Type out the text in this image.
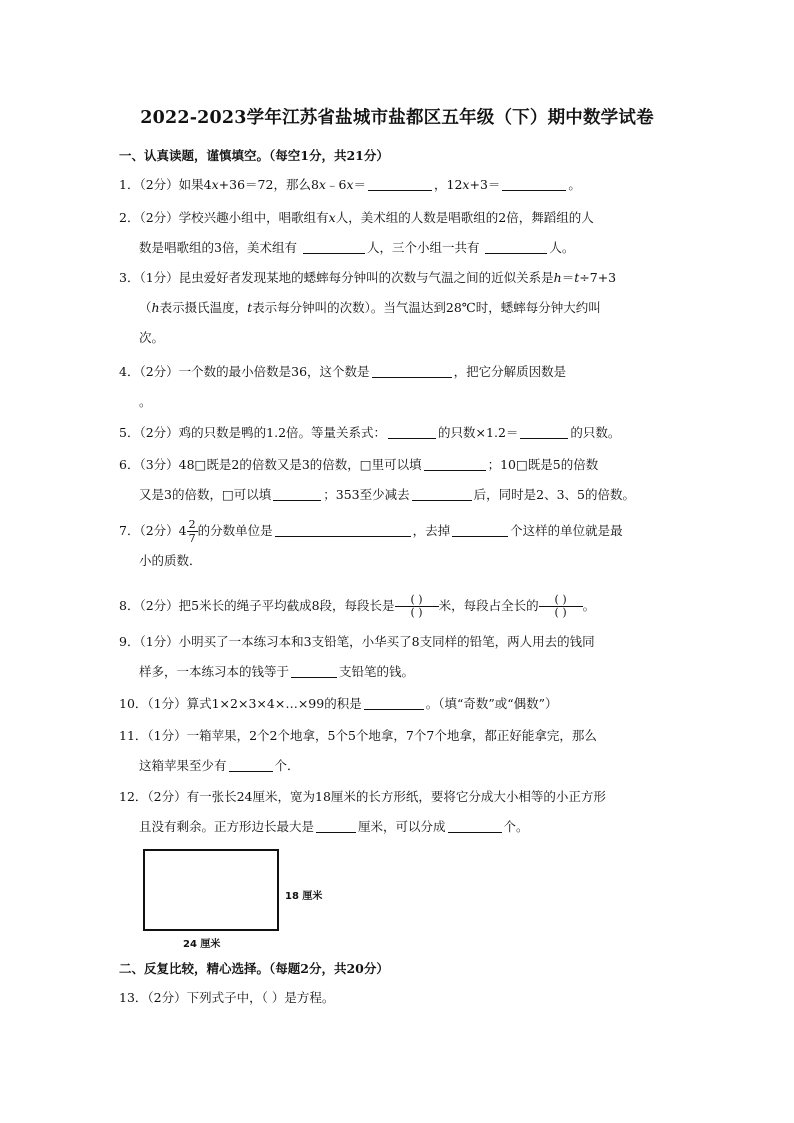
2022-2023学年江苏省盐城市盐都区五年级（下）期中数学试卷
一、认真读题，谨慎填空。（每空1分，共21分）
1．（2分）如果4x+36＝72，那么8x﹣6x＝	，12x+3＝	。
2．（2分）学校兴趣小组中，唱歌组有x人，美术组的人数是唱歌组的2倍，舞蹈组的人
数是唱歌组的3倍，美术组有	人，三个小组一共有	人。
3．（1分）昆虫爱好者发现某地的蟋蟀每分钟叫的次数与气温之间的近似关系是h＝t÷7+3
（h表示摄氏温度，t表示每分钟叫的次数）。当气温达到28℃时，蟋蟀每分钟大约叫
次。
4．（2分）一个数的最小倍数是36，这个数是	，把它分解质因数是
。
5．（2分）鸡的只数是鸭的1.2倍。等量关系式：	的只数×1.2＝	的只数。
6．（3分）48□既是2的倍数又是3的倍数，□里可以填	；10□既是5的倍数
又是3的倍数，□可以填	；353至少减去	后，同时是2、3、5的倍数。
7．（2分）$4 \frac{2}{7}$ 的分数单位是	，去掉	个这样的单位就是最
小的质数．
8．（2分）把5米长的绳子平均截成8段，每段长是 $\frac{( )}{( )}$ 米，每段占全长的 $\frac{( )}{( )}$ 。
9．（1分）小明买了一本练习本和3支铅笔，小华买了8支同样的铅笔，两人用去的钱同
样多，一本练习本的钱等于	支铅笔的钱。
10．（1分）算式1×2×3×4×…×99的积是	。（填“奇数”或“偶数”）
11．（1分）一箱苹果，2个2个地拿，5个5个地拿，7个7个地拿，都正好能拿完，那么
这箱苹果至少有	个．
12．（2分）有一张长24厘米，宽为18厘米的长方形纸，要将它分成大小相等的小正方形
且没有剩余。正方形边长最大是	厘米，可以分成	个。
18 厘米
24 厘米
二、反复比较，精心选择。（每题2分，共20分）
13．（2分）下列式子中，（ ）是方程。
